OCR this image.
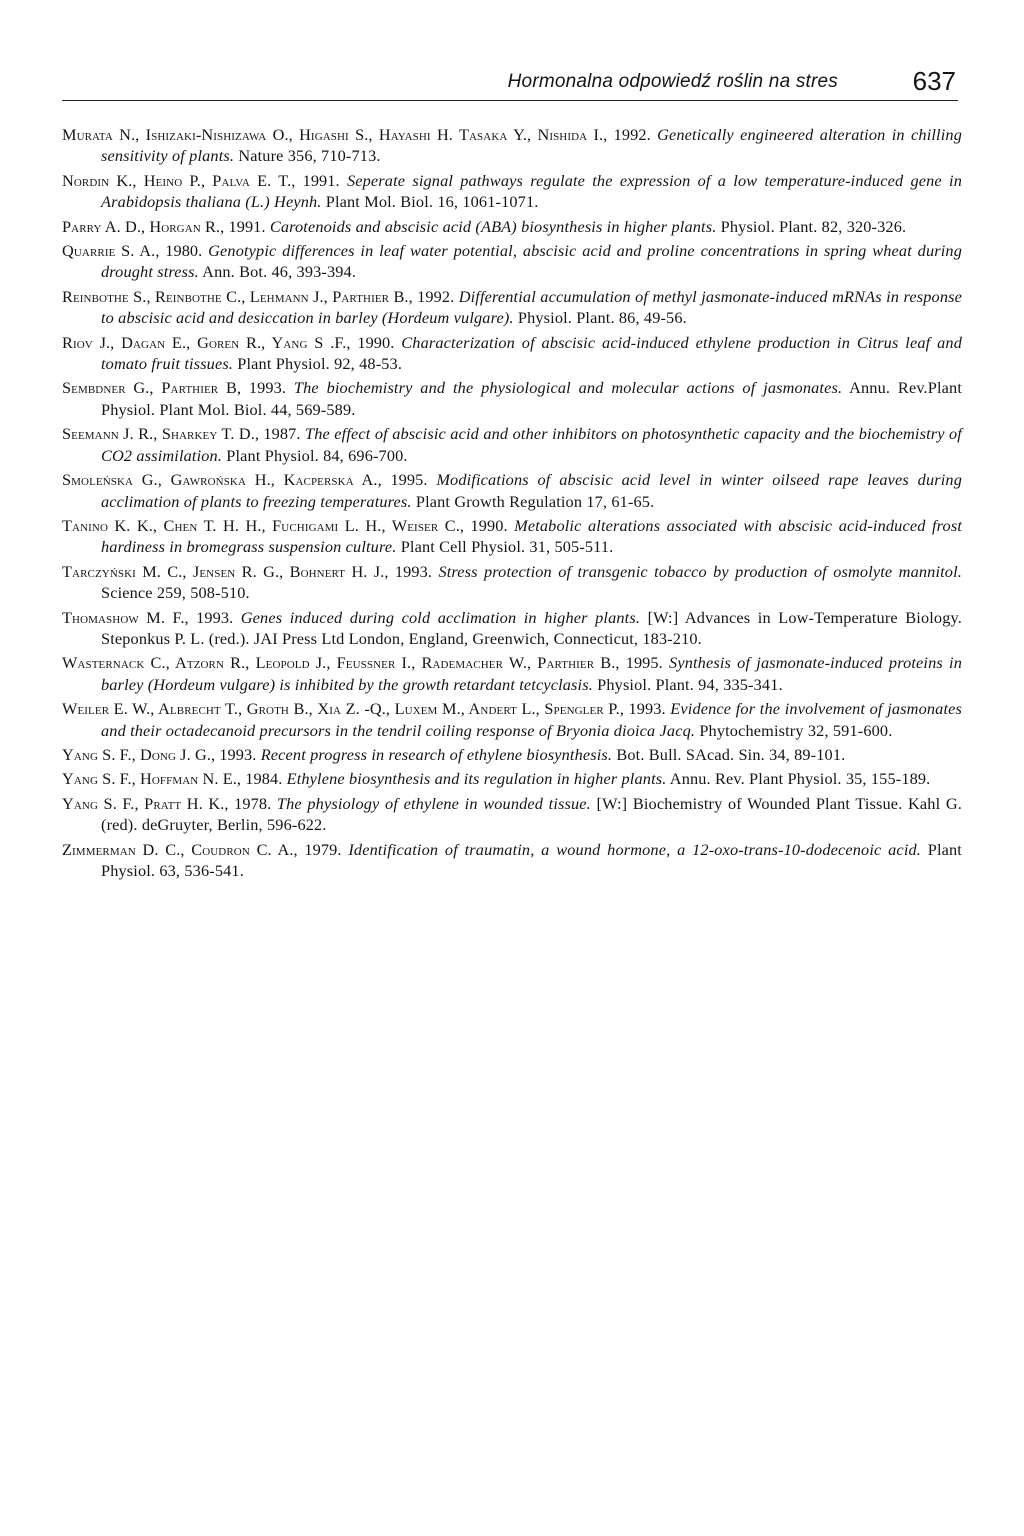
Hormonalna odpowiedź roślin na stres	637
Murata N., Ishizaki-Nishizawa O., Higashi S., Hayashi H. Tasaka Y., Nishida I., 1992. Genetically engineered alteration in chilling sensitivity of plants. Nature 356, 710-713.
Nordin K., Heino P., Palva E. T., 1991. Seperate signal pathways regulate the expression of a low temperature-induced gene in Arabidopsis thaliana (L.) Heynh. Plant Mol. Biol. 16, 1061-1071.
Parry A. D., Horgan R., 1991. Carotenoids and abscisic acid (ABA) biosynthesis in higher plants. Physiol. Plant. 82, 320-326.
Quarrie S. A., 1980. Genotypic differences in leaf water potential, abscisic acid and proline concentrations in spring wheat during drought stress. Ann. Bot. 46, 393-394.
Reinbothe S., Reinbothe C., Lehmann J., Parthier B., 1992. Differential accumulation of methyl jasmonate-induced mRNAs in response to abscisic acid and desiccation in barley (Hordeum vulgare). Physiol. Plant. 86, 49-56.
Riov J., Dagan E., Goren R., Yang S .F., 1990. Characterization of abscisic acid-induced ethylene production in Citrus leaf and tomato fruit tissues. Plant Physiol. 92, 48-53.
Sembdner G., Parthier B, 1993. The biochemistry and the physiological and molecular actions of jasmonates. Annu. Rev.Plant Physiol. Plant Mol. Biol. 44, 569-589.
Seemann J. R., Sharkey T. D., 1987. The effect of abscisic acid and other inhibitors on photosynthetic capacity and the biochemistry of CO2 assimilation. Plant Physiol. 84, 696-700.
Smoleńska G., Gawrońska H., Kacperska A., 1995. Modifications of abscisic acid level in winter oilseed rape leaves during acclimation of plants to freezing temperatures. Plant Growth Regulation 17, 61-65.
Tanino K. K., Chen T. H. H., Fuchigami L. H., Weiser C., 1990. Metabolic alterations associated with abscisic acid-induced frost hardiness in bromegrass suspension culture. Plant Cell Physiol. 31, 505-511.
Tarczyński M. C., Jensen R. G., Bohnert H. J., 1993. Stress protection of transgenic tobacco by production of osmolyte mannitol. Science 259, 508-510.
Thomashow M. F., 1993. Genes induced during cold acclimation in higher plants. [W:] Advances in Low-Temperature Biology. Steponkus P. L. (red.). JAI Press Ltd London, England, Greenwich, Connecticut, 183-210.
Wasternack C., Atzorn R., Leopold J., Feussner I., Rademacher W., Parthier B., 1995. Synthesis of jasmonate-induced proteins in barley (Hordeum vulgare) is inhibited by the growth retardant tetcyclasis. Physiol. Plant. 94, 335-341.
Weiler E. W., Albrecht T., Groth B., Xia Z. -Q., Luxem M., Andert L., Spengler P., 1993. Evidence for the involvement of jasmonates and their octadecanoid precursors in the tendril coiling response of Bryonia dioica Jacq. Phytochemistry 32, 591-600.
Yang S. F., Dong J. G., 1993. Recent progress in research of ethylene biosynthesis. Bot. Bull. SAcad. Sin. 34, 89-101.
Yang S. F., Hoffman N. E., 1984. Ethylene biosynthesis and its regulation in higher plants. Annu. Rev. Plant Physiol. 35, 155-189.
Yang S. F., Pratt H. K., 1978. The physiology of ethylene in wounded tissue. [W:] Biochemistry of Wounded Plant Tissue. Kahl G. (red). deGruyter, Berlin, 596-622.
Zimmerman D. C., Coudron C. A., 1979. Identification of traumatin, a wound hormone, a 12-oxo-trans-10-dodecenoic acid. Plant Physiol. 63, 536-541.
